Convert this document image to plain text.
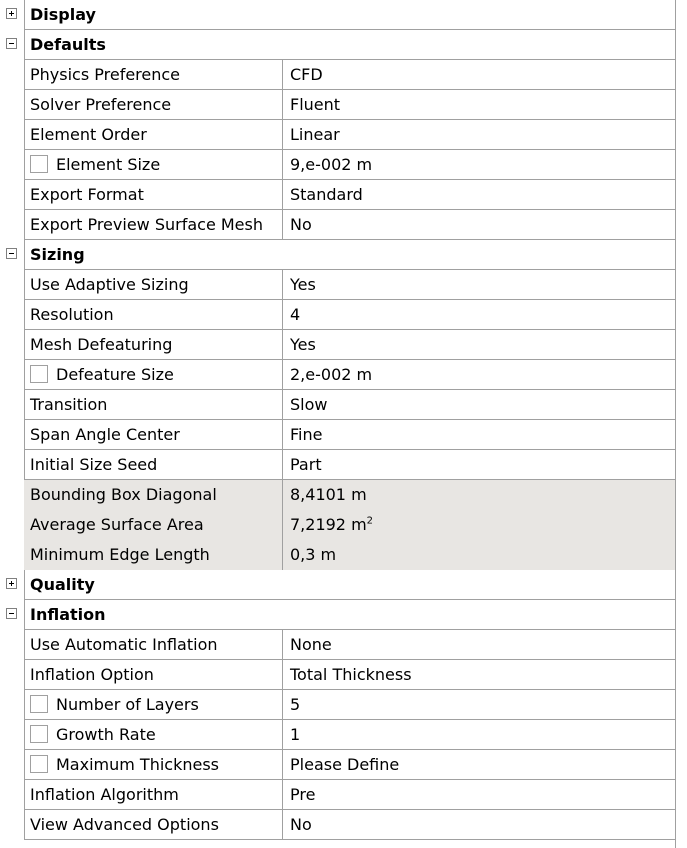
Display
Defaults
Physics Preference	CFD
Solver Preference	Fluent
Element Order	Linear
Element Size	9,e-002 m
Export Format	Standard
Export Preview Surface Mesh	No
Sizing
Use Adaptive Sizing	Yes
Resolution	4
Mesh Defeaturing	Yes
Defeature Size	2,e-002 m
Transition	Slow
Span Angle Center	Fine
Initial Size Seed	Part
Bounding Box Diagonal	8,4101 m
Average Surface Area	7,2192 $m^2$
Minimum Edge Length	0,3 m
Quality
Inflation
Use Automatic Inflation	None
Inflation Option	Total Thickness
Number of Layers	5
Growth Rate	1
Maximum Thickness	Please Define
Inflation Algorithm	Pre
View Advanced Options	No
